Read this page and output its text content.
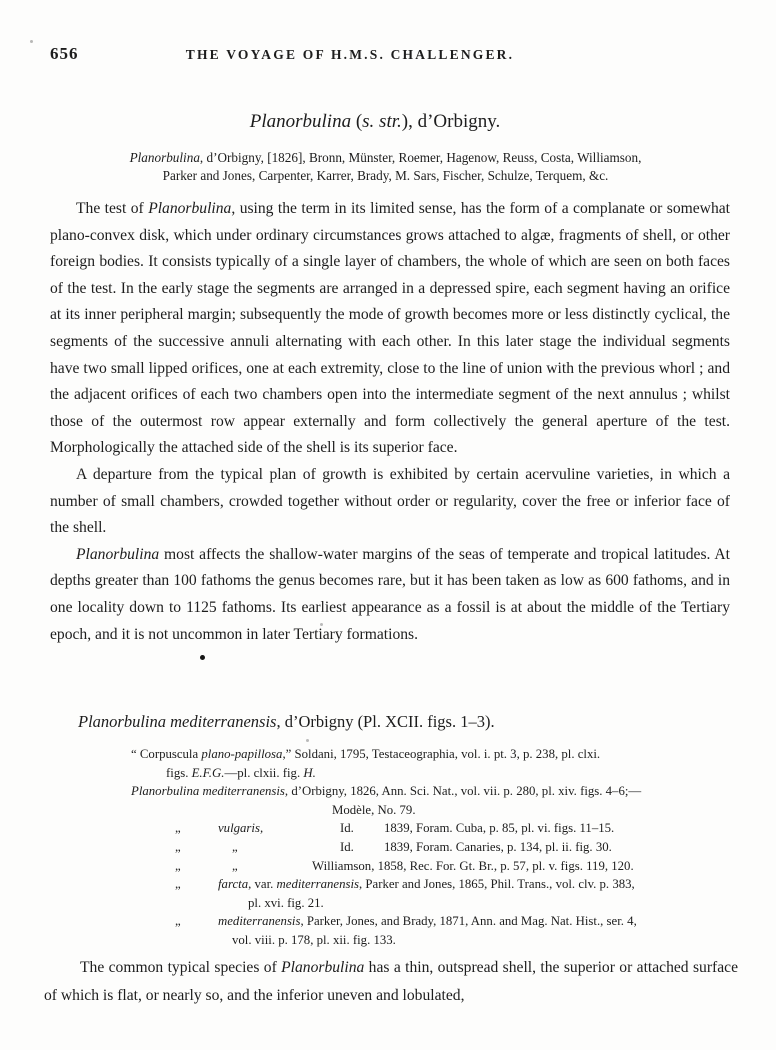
656	THE VOYAGE OF H.M.S. CHALLENGER.
Planorbulina (s. str.), d’Orbigny.
Planorbulina, d’Orbigny, [1826], Bronn, Münster, Roemer, Hagenow, Reuss, Costa, Williamson, Parker and Jones, Carpenter, Karrer, Brady, M. Sars, Fischer, Schulze, Terquem, &c.

The test of Planorbulina, using the term in its limited sense, has the form of a complanate or somewhat plano-convex disk, which under ordinary circumstances grows attached to algæ, fragments of shell, or other foreign bodies. It consists typically of a single layer of chambers, the whole of which are seen on both faces of the test. In the early stage the segments are arranged in a depressed spire, each segment having an orifice at its inner peripheral margin; subsequently the mode of growth becomes more or less distinctly cyclical, the segments of the successive annuli alternating with each other. In this later stage the individual segments have two small lipped orifices, one at each extremity, close to the line of union with the previous whorl ; and the adjacent orifices of each two chambers open into the intermediate segment of the next annulus ; whilst those of the outermost row appear externally and form collectively the general aperture of the test. Morphologically the attached side of the shell is its superior face.

A departure from the typical plan of growth is exhibited by certain acervuline varieties, in which a number of small chambers, crowded together without order or regularity, cover the free or inferior face of the shell.

Planorbulina most affects the shallow-water margins of the seas of temperate and tropical latitudes. At depths greater than 100 fathoms the genus becomes rare, but it has been taken as low as 600 fathoms, and in one locality down to 1125 fathoms. Its earliest appearance as a fossil is at about the middle of the Tertiary epoch, and it is not uncommon in later Tertiary formations.

Planorbulina mediterranensis, d’Orbigny (Pl. XCII. figs. 1–3).
“ Corpuscula plano-papillosa,” Soldani, 1795, Testaceographia, vol. i. pt. 3, p. 238, pl. clxi.
figs. E.F.G.—pl. clxii. fig. H.
Planorbulina mediterranensis, d’Orbigny, 1826, Ann. Sci. Nat., vol. vii. p. 280, pl. xiv. figs. 4–6;—
Modèle, No. 79.
„	vulgaris,	Id. 1839, Foram. Cuba, p. 85, pl. vi. figs. 11–15.
„	„	Id. 1839, Foram. Canaries, p. 134, pl. ii. fig. 30.
„	„	Williamson, 1858, Rec. For. Gt. Br., p. 57, pl. v. figs. 119, 120.
„	farcta, var. mediterranensis, Parker and Jones, 1865, Phil. Trans., vol. clv. p. 383,
pl. xvi. fig. 21.
„	mediterranensis, Parker, Jones, and Brady, 1871, Ann. and Mag. Nat. Hist., ser. 4,
vol. viii. p. 178, pl. xii. fig. 133.

The common typical species of Planorbulina has a thin, outspread shell, the superior or attached surface of which is flat, or nearly so, and the inferior uneven and lobulated,
